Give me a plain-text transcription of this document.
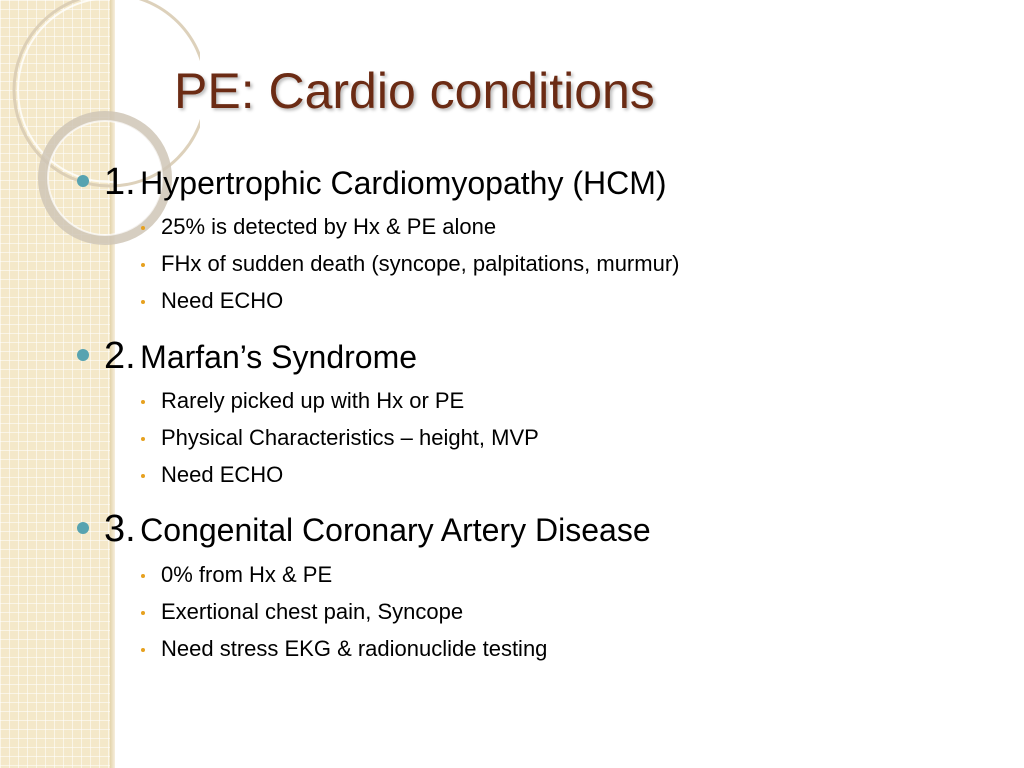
PE: Cardio conditions
1. Hypertrophic Cardiomyopathy (HCM)
25% is detected by Hx & PE alone
FHx of sudden death (syncope, palpitations, murmur)
Need ECHO
2. Marfan’s Syndrome
Rarely picked up with Hx or PE
Physical Characteristics – height, MVP
Need ECHO
3. Congenital Coronary Artery Disease
0% from Hx & PE
Exertional chest pain, Syncope
Need stress EKG & radionuclide testing
